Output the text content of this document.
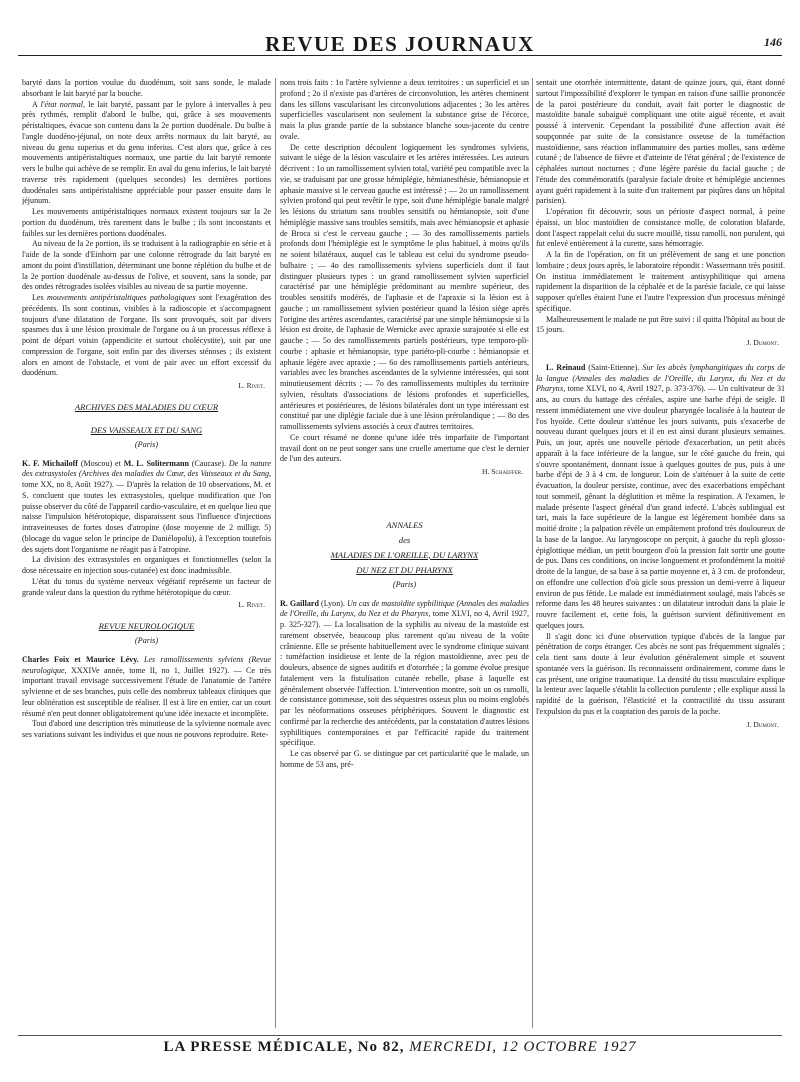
REVUE DES JOURNAUX	146

baryté dans la portion voulue du duodénum, soit sans sonde, le malade absorbant le lait baryté par la bouche.

A l'état normal, le lait baryté, passant par le pylore à intervalles à peu près rythmés, remplit d'abord le bulbe, qui, grâce à ses mouvements péristaltiques, évacue son contenu dans la 2e portion duodénale. Du bulbe à l'angle duodéno-jéjunal, on note deux arrêts normaux du lait baryté, au niveau du genu superius et du genu inferius. C'est alors que, grâce à ces mouvements antipéristaltiques normaux, une partie du lait baryté remonte vers le bulbe qui achève de se remplir. En aval du genu inferius, le lait baryté traverse très rapidement (quelques secondes) les dernières portions duodénales sans antipéristaltisme appréciable pour passer ensuite dans le jéjunum.

Les mouvements antipéristaltiques normaux existent toujours sur la 2e portion du duodénum, très rarement dans le bulbe ; ils sont inconstants et faibles sur les dernières portions duodénales.

Au niveau de la 2e portion, ils se traduisent à la radiographie en série et à l'aide de la sonde d'Einhorn par une colonne rétrograde du lait baryté en amont du point d'instillation, déterminant une bonne réplétion du bulbe et de la 2e portion duodénale au-dessus de l'olive, et souvent, sans la sonde, par des ondes rétrogrades isolées visibles au niveau de sa partie moyenne.

Les mouvements antipéristaltiques pathologiques sont l'exagération des précédents. Ils sont continus, visibles à la radioscopie et s'accompagnent toujours d'une dilatation de l'organe. Ils sont provoqués, soit par divers spasmes dus à une lésion proximale de l'organe ou à un processus réflexe à point de départ voisin (appendicite et surtout cholécystite), soit par une compression de l'organe, soit enfin par des diverses sténoses ; ils existent alors en amont de l'obstacle, et vont de pair avec un effort excessif du duodénum.

L. Rivet.
ARCHIVES DES MALADIES DU CŒUR
DES VAISSEAUX ET DU SANG
(Paris)

K. F. Michailoff (Moscou) et M. L. Solitermann (Caucase). De la nature des extrasystoles (Archives des maladies du Cœur, des Vaisseaux et du Sang, tome XX, no 8, Août 1927). — D'après la relation de 10 observations, M. et S. concluent que toutes les extrasystoles, quelque modification que l'on puisse observer du côté de l'appareil cardio-vasculaire, et en quelque lieu que naisse l'impulsion hétérotopique, disparaissent sous l'influence d'injections intraveineuses de fortes doses d'atropine (dose moyenne de 2 milligr. 5) (blocage du vague selon le principe de Daniélopolu), à l'exception toutefois des sujets dont l'organisme ne réagit pas à l'atropine.

La division des extrasystoles en organiques et fonctionnelles (selon la dose nécessaire en injection sous-cutanée) est donc inadmissible.

L'état du tonus du système nerveux végétatif représente un facteur de grande valeur dans la question du rythme hétérotopique du cœur.

L. Rivet.
REVUE NEUROLOGIQUE
(Paris)

Charles Foix et Maurice Lévy. Les ramollissements sylviens (Revue neurologique, XXXIVe année, tome II, no 1, Juillet 1927). — Ce très important travail envisage successivement l'étude de l'anatomie de l'artère sylvienne et de ses branches, puis celle des nombreux tableaux cliniques que leur oblitération est susceptible de réaliser. Il est à lire en entier, car un court résumé n'en peut donner obligatoirement qu'une idée inexacte et incomplète.

Tout d'abord une description très minutieuse de la sylvienne normale avec ses variations suivant les individus et que nous ne pouvons reproduire. Rete-

nons trois faits : 1o l'artère sylvienne a deux territoires : un superficiel et un profond ; 2o il n'existe pas d'artères de circonvolution, les artères cheminent dans les sillons vascularisant les circonvolutions adjacentes ; 3o les artères superficielles vascularisent non seulement la substance grise de l'écorce, mais la plus grande partie de la substance blanche sous-jacente du centre ovale.

De cette description découlent logiquement les syndromes sylviens, suivant le siège de la lésion vasculaire et les artères intéressées. Les auteurs décrivent : 1o un ramollissement sylvien total, variété peu compatible avec la vie, se traduisant par une grosse hémiplégie, hémianesthésie, hémianopsie et aphasie massive si le cerveau gauche est intéressé ; — 2o un ramollissement sylvien profond qui peut revêtir le type, soit d'une hémiplégie banale malgré les lésions du striatum sans troubles sensitifs ou hémianopsie, soit d'une hémiplégie massive sans troubles sensitifs, mais avec hémianopsie et aphasie de Broca si c'est le cerveau gauche ; — 3o des ramollissements partiels profonds dont l'hémiplégie est le symptôme le plus habituel, à moins qu'ils ne soient bilatéraux, auquel cas le tableau est celui du syndrome pseudo-bulbaire ; — 4o des ramollissements sylviens superficiels dont il faut distinguer plusieurs types : un grand ramollissement sylvien superficiel caractérisé par une hémiplégie prédominant au membre supérieur, des troubles sensitifs modérés, de l'aphasie et de l'apraxie si la lésion est à gauche ; un ramollissement sylvien postérieur quand la lésion siège après l'origine des artères ascendantes, caractérisé par une simple hémianopsie si la lésion est droite, de l'aphasie de Wernicke avec apraxie surajoutée si elle est gauche ; — 5o des ramollissements partiels postérieurs, type temporo-pli-courbe : aphasie et hémianopsie, type pariéto-pli-courbe : hémianopsie et aphasie légère avec apraxie ; — 6o des ramollissements partiels antérieurs, variables avec les branches ascendantes de la sylvienne intéressées, qui sont minutieusement décrits ; — 7o des ramollissements multiples du territoire sylvien, résultats d'associations de lésions profondes et superficielles, antérieures et postérieures, de lésions bilatérales dont un type intéressant est constitué par une diplégie faciale due à une lésion prérolandique ; — 8o des ramollissements sylviens associés à ceux d'autres territoires.

Ce court résumé ne donne qu'une idée très imparfaite de l'important travail dont on ne peut songer sans une cruelle amertume que c'est le dernier de l'un des auteurs.

H. Schaeffer.
ANNALES
des
MALADIES DE L'OREILLE, DU LARYNX
DU NEZ ET DU PHARYNX
(Paris)

R. Gaillard (Lyon). Un cas de mastoïdite syphilitique (Annales des maladies de l'Oreille, du Larynx, du Nez et du Pharynx, tome XLVI, no 4, Avril 1927, p. 325-327). — La localisation de la syphilis au niveau de la mastoïde est rarement observée, beaucoup plus rarement qu'au niveau de la voûte crânienne. Elle se présente habituellement avec le syndrome clinique suivant : tuméfaction insidieuse et lente de la région mastoïdienne, avec peu de douleurs, absence de signes auditifs et d'otorrhée ; la gomme évolue presque fatalement vers la fistulisation cutanée rebelle, phase à laquelle est généralement observée l'affection. L'intervention montre, soit un os ramolli, de consistance gommeuse, soit des séquestres osseux plus ou moins englobés par les néoformations osseuses périphériques. Souvent le diagnostic est confirmé par la recherche des antécédents, par la constatation d'autres lésions syphilitiques contemporaines et par l'efficacité rapide du traitement spécifique.

Le cas observé par G. se distingue par cet particularité que le malade, un homme de 53 ans, pré-

sentait une otorrhée intermittente, datant de quinze jours, qui, étant donné surtout l'impossibilité d'explorer le tympan en raison d'une saillie prononcée de la paroi postérieure du conduit, avait fait porter le diagnostic de mastoïdite banale subaiguë compliquant une otite aiguë récente, et avait poussé à intervenir. Cependant la possibilité d'une affection avait été soupçonnée par suite de la consistance osseuse de la tuméfaction mastoïdienne, sans réaction inflammatoire des parties molles, sans œdème cutané ; de l'absence de fièvre et d'atteinte de l'état général ; de l'existence de céphalées surtout nocturnes ; d'une légère parésie du facial gauche ; de l'étude des commémoratifs (paralysie faciale droite et hémiplégie anciennes ayant guéri rapidement à la suite d'un traitement par piqûres dans un hôpital parisien).

L'opération fit découvrir, sous un périoste d'aspect normal, à peine épaissi, un bloc mastoïdien de consistance molle, de coloration blafarde, dont l'aspect rappelait celui du sucre mouillé, tissu ramolli, non purulent, qui fut enlevé entièrement à la curette, sans hémorragie.

A la fin de l'opération, on fit un prélèvement de sang et une ponction lombaire ; deux jours après, le laboratoire répondit : Wassermann très positif. On institua immédiatement le traitement antisyphilitique qui amena rapidement la disparition de la céphalée et de la parésie faciale, ce qui laisse supposer qu'elles étaient l'une et l'autre l'expression d'un processus méningé spécifique.

Malheureusement le malade ne put être suivi : il quitta l'hôpital au bout de 15 jours.

J. Dumont.

L. Reinaud (Saint-Etienne). Sur les abcès lymphangitiques du corps de la langue (Annales des maladies de l'Oreille, du Larynx, du Nez et du Pharynx, tome XLVI, no 4, Avril 1927, p. 373-376). — Un cultivateur de 31 ans, au cours du battage des céréales, aspire une barbe d'épi de seigle. Il ressent immédiatement une vive douleur pharyngée localisée à la hauteur de l'os hyoïde. Cette douleur s'atténue les jours suivants, puis s'exacerbe de nouveau durant quelques jours et il en est ainsi durant plusieurs semaines. Puis, un jour, après une nouvelle période d'exacerbation, un petit abcès apparaît à la face inférieure de la langue, sur le côté gauche du frein, qui s'ouvre spontanément, donnant issue à quelques gouttes de pus, puis à une barbe d'épi de 3 à 4 cm. de longueur. Loin de s'atténuer à la suite de cette évacuation, la douleur persiste, continue, avec des exacerbations empêchant tout sommeil, gênant la déglutition et même la respiration. A l'examen, le malade présente l'aspect général d'un grand infecté. L'abcès sublingual est tari, mais la face supérieure de la langue est légèrement bombée dans sa moitié droite ; la palpation révèle un empâtement profond très douloureux de la base de la langue. Au laryngoscope on perçoit, à gauche du repli glosso-épiglottique médian, un petit bourgeon d'où la pression fait sortir une goutte de pus. Dans ces conditions, on incise longuement et profondément la moitié droite de la langue, de sa base à sa partie moyenne et, à 3 cm. de profondeur, on effondre une collection d'où gicle sous pression un demi-verre à liqueur environ de pus fétide. Le malade est immédiatement soulagé, mais l'abcès se reforme dans les 48 heures suivantes : un dilatateur introduit dans la plaie le rouvre facilement et, cette fois, la guérison survient définitivement en quelques jours.

Il s'agit donc ici d'une observation typique d'abcès de la langue par pénétration de corps étranger. Ces abcès ne sont pas fréquemment signalés ; cela tient sans doute à leur évolution généralement simple et souvent spontanée vers la guérison. Ils reconnaissent ordinairement, comme dans le cas présent, une origine traumatique. La densité du tissu musculaire explique la lenteur avec laquelle s'établit la collection purulente ; elle explique aussi la rapidité de la guérison, l'élasticité et la contractilité du tissu assurant l'expulsion du pus et la coaptation des parois de la poche.

J. Dumont.
LA PRESSE MÉDICALE, No 82, MERCREDI, 12 OCTOBRE 1927
